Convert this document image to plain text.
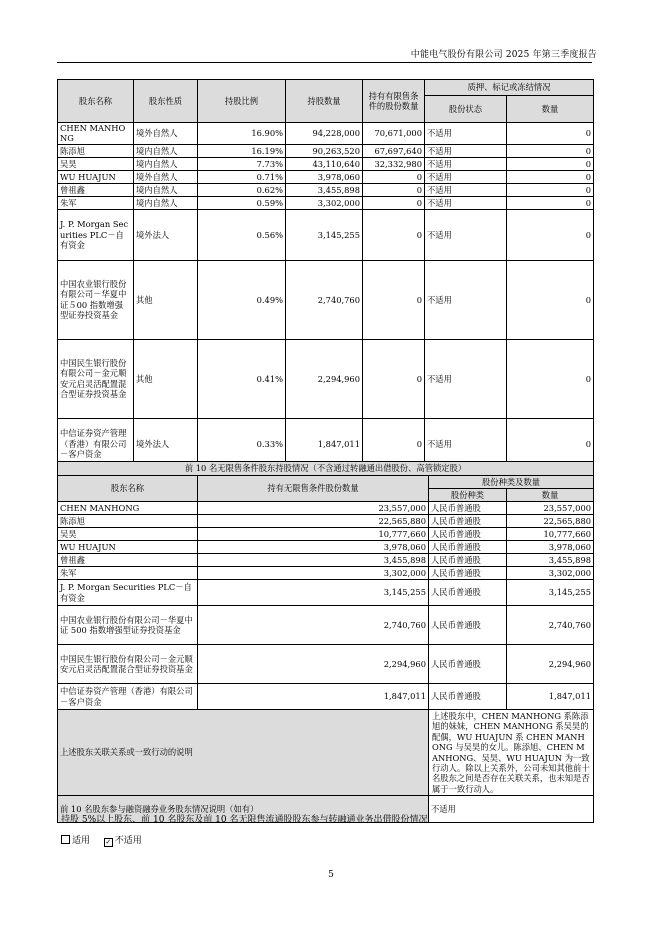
中能电气股份有限公司 2025 年第三季度报告
股东名称	股东性质	持股比例	持股数量	持有有限售条件的股份数量	质押、标记或冻结情况	
					股份状态	数量
CHEN MANHONG	境外自然人	16.90%	94,228,000	70,671,000	不适用	0
陈添旭	境内自然人	16.19%	90,263,520	67,697,640	不适用	0
吴昊	境内自然人	7.73%	43,110,640	32,332,980	不适用	0
WU HUAJUN	境外自然人	0.71%	3,978,060	0	不适用	0
曾祖鑫	境内自然人	0.62%	3,455,898	0	不适用	0
朱军	境内自然人	0.59%	3,302,000	0	不适用	0
J. P. Morgan Securities PLC－自有资金	境外法人	0.56%	3,145,255	0	不适用	0
中国农业银行股份有限公司－华夏中证５00 指数增强型证券投资基金	其他	0.49%	2,740,760	0	不适用	0
中国民生银行股份有限公司－金元顺安元启灵活配置混合型证券投资基金	其他	0.41%	2,294,960	0	不适用	0
中信证券资产管理（香港）有限公司－客户资金	境外法人	0.33%	1,847,011	0	不适用	0
前 10 名无限售条件股东持股情况（不含通过转融通出借股份、高管锁定股）			
股东名称	持有无限售条件股份数量	股份种类及数量	
		股份种类	数量
CHEN MANHONG	23,557,000	人民币普通股	23,557,000
陈添旭	22,565,880	人民币普通股	22,565,880
吴昊	10,777,660	人民币普通股	10,777,660
WU HUAJUN	3,978,060	人民币普通股	3,978,060
曾祖鑫	3,455,898	人民币普通股	3,455,898
朱军	3,302,000	人民币普通股	3,302,000
J. P. Morgan Securities PLC－自有资金	3,145,255	人民币普通股	3,145,255
中国农业银行股份有限公司－华夏中证 500 指数增强型证券投资基金	2,740,760	人民币普通股	2,740,760
中国民生银行股份有限公司－金元顺安元启灵活配置混合型证券投资基金	2,294,960	人民币普通股	2,294,960
中信证券资产管理（香港）有限公司－客户资金	1,847,011	人民币普通股	1,847,011
上述股东关联关系或一致行动的说明		上述股东中，CHEN MANHONG 系陈添旭的妹妹，CHEN MANHONG 系吴昊的配偶，WU HUAJUN 系 CHEN MANHONG 与吴昊的女儿。陈添旭、CHEN MANHONG、吴昊、WU HUAJUN 为一致行动人。除以上关系外，公司未知其他前十名股东之间是否存在关联关系，也未知是否属于一致行动人。	
前 10 名股东参与融资融券业务股东情况说明（如有）		不适用	
持股 5%以上股东、前 10 名股东及前 10 名无限售流通股股东参与转融通业务出借股份情况
适用 ✓ 不适用
5
